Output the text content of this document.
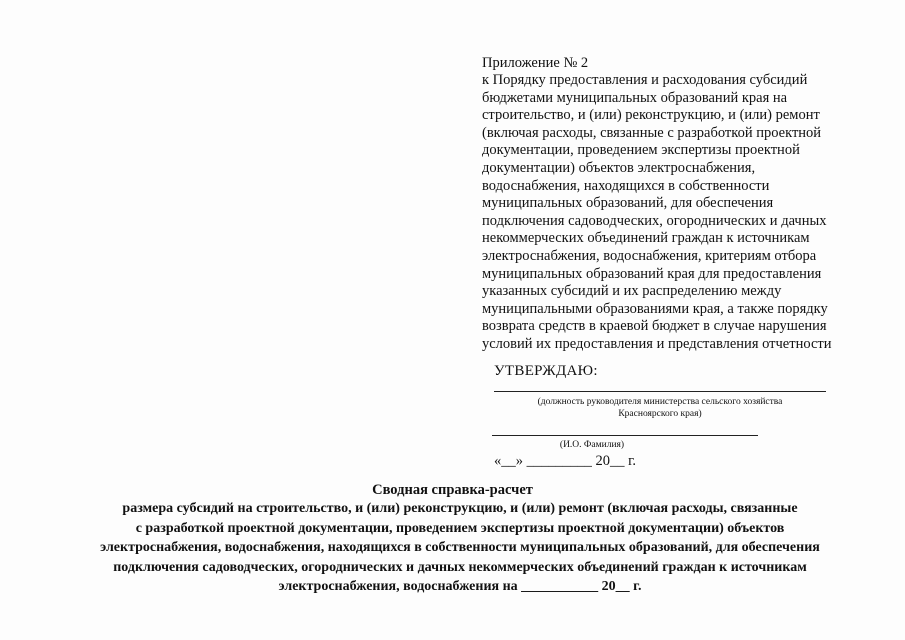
Приложение № 2

к Порядку предоставления и расходования субсидий
бюджетами муниципальных образований края на
строительство, и (или) реконструкцию, и (или) ремонт
(включая расходы, связанные с разработкой проектной
документации, проведением экспертизы проектной
документации) объектов электроснабжения,
водоснабжения, находящихся в собственности
муниципальных образований, для обеспечения
подключения садоводческих, огороднических и дачных
некоммерческих объединений граждан к источникам
электроснабжения, водоснабжения, критериям отбора
муниципальных образований края для предоставления
указанных субсидий и их распределению между
муниципальными образованиями края, а также порядку
возврата средств в краевой бюджет в случае нарушения
условий их предоставления и представления отчетности
УТВЕРЖДАЮ:
(должность руководителя министерства сельского хозяйства
Красноярского края)
(И.О. Фамилия)
«__» _________ 20__ г.
Сводная справка-расчет
размера субсидий на строительство, и (или) реконструкцию, и (или) ремонт (включая расходы, связанные
с разработкой проектной документации, проведением экспертизы проектной документации) объектов
электроснабжения, водоснабжения, находящихся в собственности муниципальных образований, для обеспечения
подключения садоводческих, огороднических и дачных некоммерческих объединений граждан к источникам
электроснабжения, водоснабжения на ___________ 20__ г.
